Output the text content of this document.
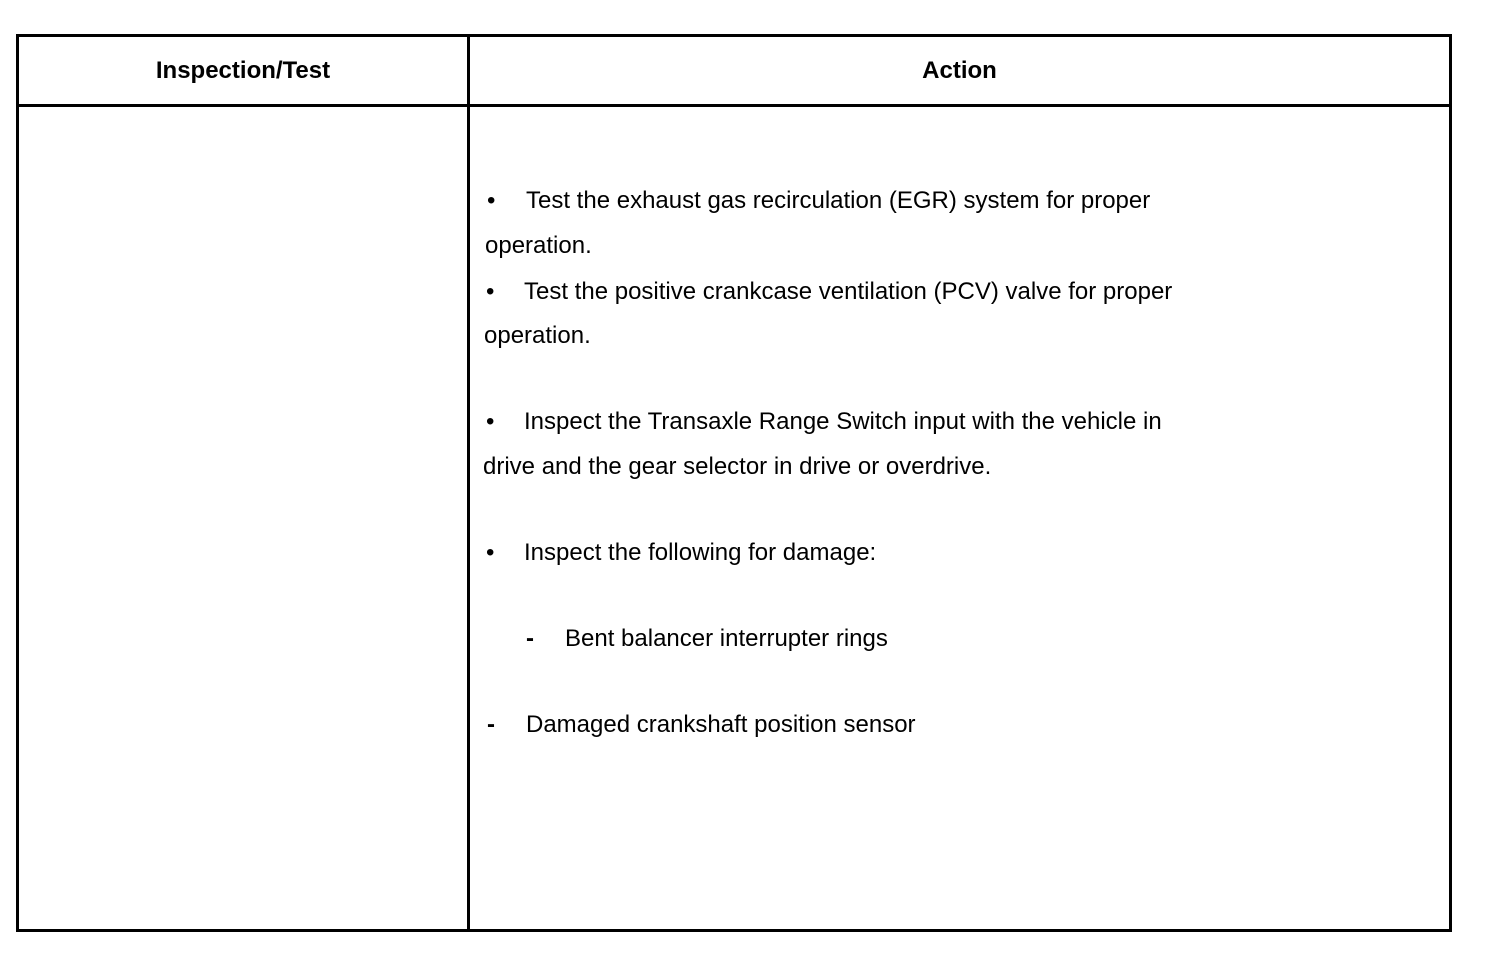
Inspection/Test	Action
• Test the exhaust gas recirculation (EGR) system for proper
operation.
• Test the positive crankcase ventilation (PCV) valve for proper
operation.
• Inspect the Transaxle Range Switch input with the vehicle in
drive and the gear selector in drive or overdrive.
• Inspect the following for damage:
- Bent balancer interrupter rings
- Damaged crankshaft position sensor
